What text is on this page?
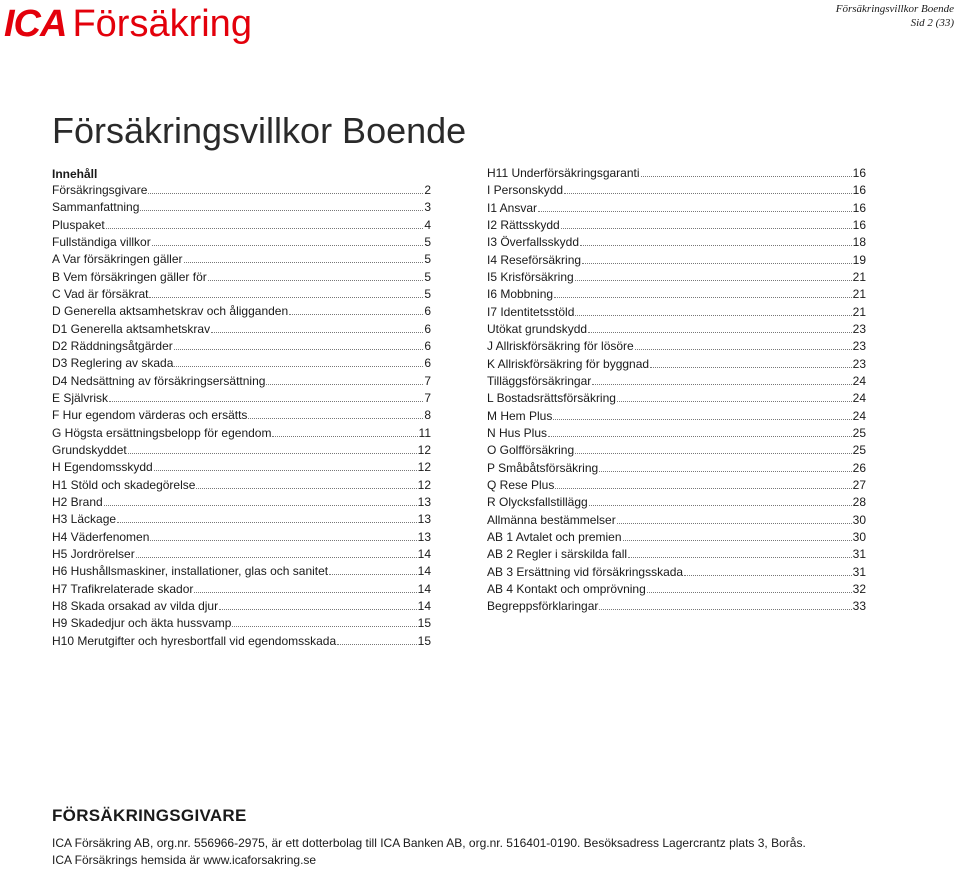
ICA Försäkring	Försäkringsvillkor Boende
Sid 2 (33)
Försäkringsvillkor Boende
Innehåll
Försäkringsgivare	2
Sammanfattning	3
Pluspaket	4
Fullständiga villkor	5
A Var försäkringen gäller	5
B Vem försäkringen gäller för	5
C Vad är försäkrat	5
D Generella aktsamhetskrav och åligganden	6
D1 Generella aktsamhetskrav	6
D2 Räddningsåtgärder	6
D3 Reglering av skada	6
D4 Nedsättning av försäkringsersättning	7
E Självrisk	7
F Hur egendom värderas och ersätts	8
G Högsta ersättningsbelopp för egendom	11
Grundskyddet	12
H Egendomsskydd	12
H1 Stöld och skadegörelse	12
H2 Brand	13
H3 Läckage	13
H4 Väderfenomen	13
H5 Jordrörelser	14
H6 Hushållsmaskiner, installationer, glas och sanitet	14
H7 Trafikrelaterade skador	14
H8 Skada orsakad av vilda djur	14
H9 Skadedjur och äkta hussvamp	15
H10 Merutgifter och hyresbortfall vid egendomsskada	15
H11 Underförsäkringsgaranti	16
I Personskydd	16
I1 Ansvar	16
I2 Rättsskydd	16
I3 Överfallsskydd	18
I4 Reseförsäkring	19
I5 Krisförsäkring	21
I6 Mobbning	21
I7 Identitetsstöld	21
Utökat grundskydd	23
J Allriskförsäkring för lösöre	23
K Allriskförsäkring för byggnad	23
Tilläggsförsäkringar	24
L Bostadsrättsförsäkring	24
M Hem Plus	24
N Hus Plus	25
O Golfförsäkring	25
P Småbåtsförsäkring	26
Q Rese Plus	27
R Olycksfallstillägg	28
Allmänna bestämmelser	30
AB 1 Avtalet och premien	30
AB 2 Regler i särskilda fall	31
AB 3 Ersättning vid försäkringsskada	31
AB 4 Kontakt och omprövning	32
Begreppsförklaringar	33
FÖRSÄKRINGSGIVARE
ICA Försäkring AB, org.nr. 556966-2975, är ett dotterbolag till ICA Banken AB, org.nr. 516401-0190. Besöksadress Lagercrantz plats 3, Borås.
ICA Försäkrings hemsida är www.icaforsakring.se
